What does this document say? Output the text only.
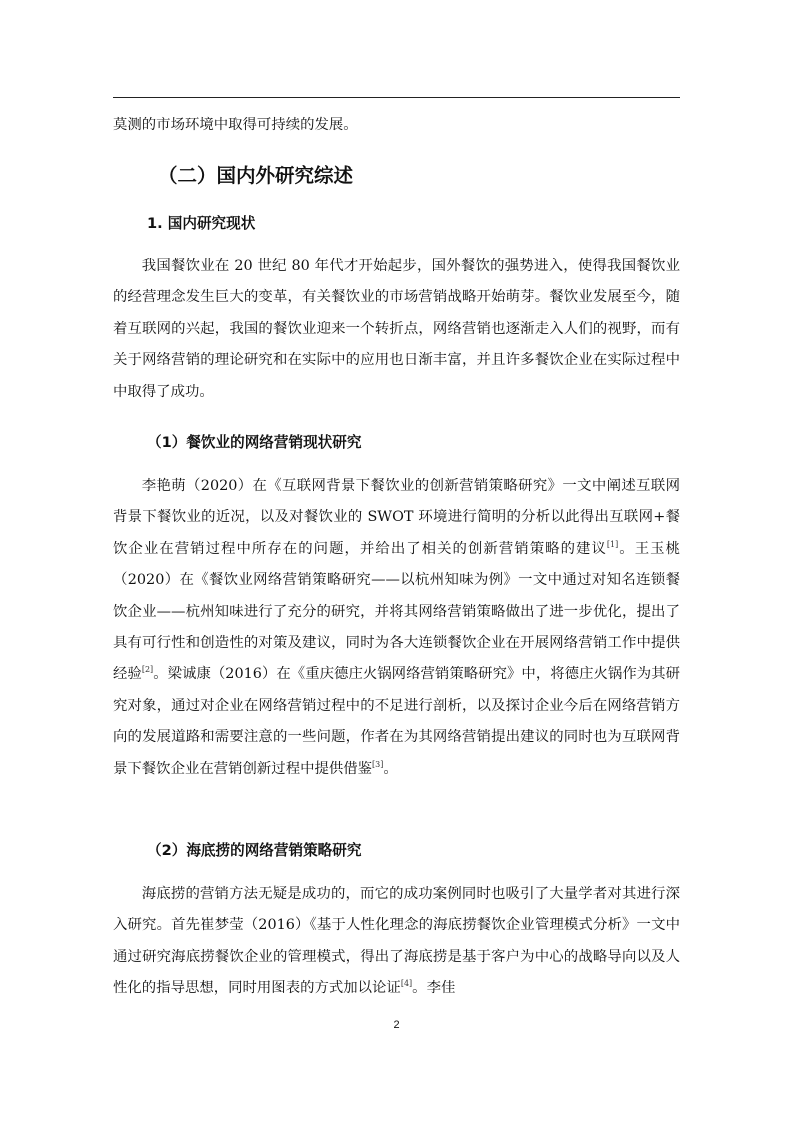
莫测的市场环境中取得可持续的发展。

（二）国内外研究综述
1. 国内研究现状

我国餐饮业在 20 世纪 80 年代才开始起步，国外餐饮的强势进入，使得我国餐饮业的经营理念发生巨大的变革，有关餐饮业的市场营销战略开始萌芽。餐饮业发展至今，随着互联网的兴起，我国的餐饮业迎来一个转折点，网络营销也逐渐走入人们的视野，而有关于网络营销的理论研究和在实际中的应用也日渐丰富，并且许多餐饮企业在实际过程中中取得了成功。

（1）餐饮业的网络营销现状研究

李艳萌（2020）在《互联网背景下餐饮业的创新营销策略研究》一文中阐述互联网背景下餐饮业的近况，以及对餐饮业的 SWOT 环境进行简明的分析以此得出互联网+餐饮企业在营销过程中所存在的问题，并给出了相关的创新营销策略的建议[1]。王玉桃（2020）在《餐饮业网络营销策略研究——以杭州知味为例》一文中通过对知名连锁餐饮企业——杭州知味进行了充分的研究，并将其网络营销策略做出了进一步优化，提出了具有可行性和创造性的对策及建议，同时为各大连锁餐饮企业在开展网络营销工作中提供经验[2]。梁诚康（2016）在《重庆德庄火锅网络营销策略研究》中，将德庄火锅作为其研究对象，通过对企业在网络营销过程中的不足进行剖析，以及探讨企业今后在网络营销方向的发展道路和需要注意的一些问题，作者在为其网络营销提出建议的同时也为互联网背景下餐饮企业在营销创新过程中提供借鉴[3]。

（2）海底捞的网络营销策略研究

海底捞的营销方法无疑是成功的，而它的成功案例同时也吸引了大量学者对其进行深入研究。首先崔梦莹（2016）《基于人性化理念的海底捞餐饮企业管理模式分析》一文中通过研究海底捞餐饮企业的管理模式，得出了海底捞是基于客户为中心的战略导向以及人性化的指导思想，同时用图表的方式加以论证[4]。李佳

2
